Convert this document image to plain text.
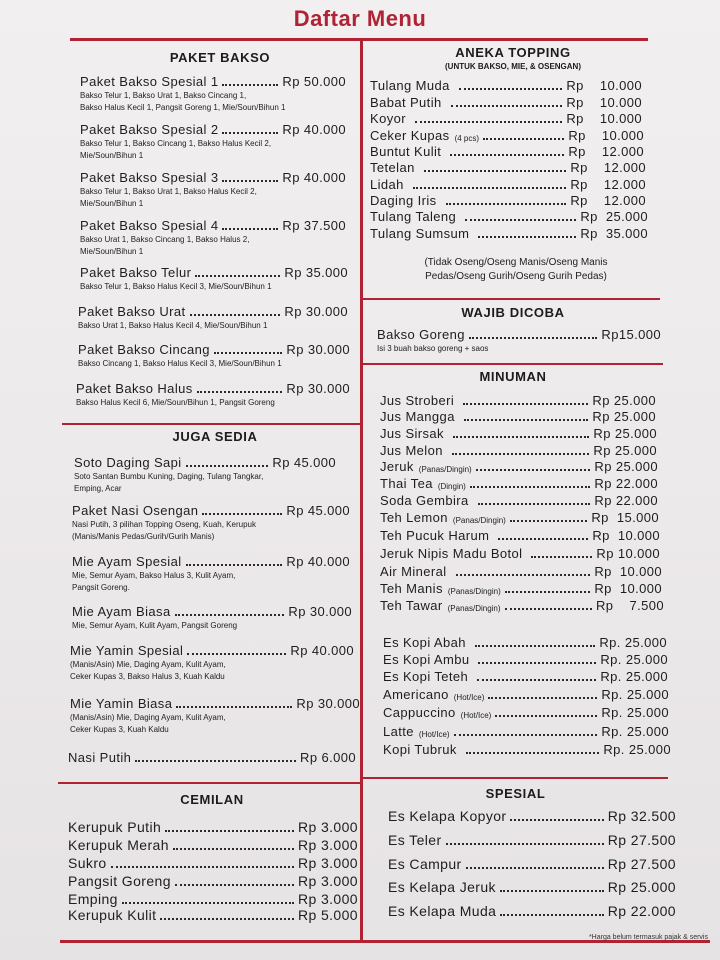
Daftar Menu
*Harga belum termasuk pajak & servis
PAKET BAKSO
JUGA SEDIA
CEMILAN
ANEKA TOPPING
(UNTUK BAKSO, MIE, & OSENGAN)
WAJIB DICOBA
MINUMAN
SPESIAL
Paket Bakso Spesial 1	Rp 50.000
Bakso Telur 1, Bakso Urat 1, Bakso Cincang 1,
Bakso Halus Kecil 1, Pangsit Goreng 1, Mie/Soun/Bihun 1
Paket Bakso Spesial 2	Rp 40.000
Bakso Telur 1, Bakso Cincang 1, Bakso Halus Kecil 2,
Mie/Soun/Bihun 1
Paket Bakso Spesial 3	Rp 40.000
Bakso Telur 1, Bakso Urat 1, Bakso Halus Kecil 2,
Mie/Soun/Bihun 1
Paket Bakso Spesial 4	Rp 37.500
Bakso Urat 1, Bakso Cincang 1, Bakso Halus 2,
Mie/Soun/Bihun 1
Paket Bakso Telur	Rp 35.000
Bakso Telur 1, Bakso Halus Kecil 3, Mie/Soun/Bihun 1
Paket Bakso Urat	Rp 30.000
Bakso Urat 1, Bakso Halus Kecil 4, Mie/Soun/Bihun 1
Paket Bakso Cincang	Rp 30.000
Bakso Cincang 1, Bakso Halus Kecil 3, Mie/Soun/Bihun 1
Paket Bakso Halus	Rp 30.000
Bakso Halus Kecil 6, Mie/Soun/Bihun 1, Pangsit Goreng
Soto Daging Sapi	Rp 45.000
Soto Santan Bumbu Kuning, Daging, Tulang Tangkar,
Emping, Acar
Paket Nasi Osengan	Rp 45.000
Nasi Putih, 3 pilihan Topping Oseng, Kuah, Kerupuk
(Manis/Manis Pedas/Gurih/Gurih Manis)
Mie Ayam Spesial	Rp 40.000
Mie, Semur Ayam, Bakso Halus 3, Kulit Ayam,
Pangsit Goreng.
Mie Ayam Biasa	Rp 30.000
Mie, Semur Ayam, Kulit Ayam, Pangsit Goreng
Mie Yamin Spesial	Rp 40.000
(Manis/Asin) Mie, Daging Ayam, Kulit Ayam,
Ceker Kupas 3, Bakso Halus 3, Kuah Kaldu
Mie Yamin Biasa	Rp 30.000
(Manis/Asin) Mie, Daging Ayam, Kulit Ayam,
Ceker Kupas 3, Kuah Kaldu
Nasi Putih	Rp 6.000
Kerupuk Putih	Rp 3.000
Kerupuk Merah	Rp 3.000
Sukro	Rp 3.000
Pangsit Goreng	Rp 3.000
Emping	Rp 3.000
Kerupuk Kulit	Rp 5.000
Tulang Muda	Rp    10.000
Babat Putih	Rp    10.000
Koyor	Rp    10.000
Ceker Kupas (4 pcs)	Rp    10.000
Buntut Kulit	Rp    12.000
Tetelan	Rp    12.000
Lidah	Rp    12.000
Daging Iris	Rp    12.000
Tulang Taleng	Rp  25.000
Tulang Sumsum	Rp  35.000
(Tidak Oseng/Oseng Manis/Oseng Manis
Pedas/Oseng Gurih/Oseng Gurih Pedas)
Bakso Goreng	Rp15.000
Isi 3 buah bakso goreng + saos
Jus Stroberi	Rp 25.000
Jus Mangga	Rp 25.000
Jus Sirsak	Rp 25.000
Jus Melon	Rp 25.000
Jeruk (Panas/Dingin)	Rp 25.000
Thai Tea (Dingin)	Rp 22.000
Soda Gembira	Rp 22.000
Teh Lemon (Panas/Dingin)	Rp  15.000
Teh Pucuk Harum	Rp  10.000
Jeruk Nipis Madu Botol	Rp 10.000
Air Mineral	Rp  10.000
Teh Manis (Panas/Dingin)	Rp  10.000
Teh Tawar (Panas/Dingin)	Rp    7.500
Es Kopi Abah	Rp. 25.000
Es Kopi Ambu	Rp. 25.000
Es Kopi Teteh	Rp. 25.000
Americano (Hot/Ice)	Rp. 25.000
Cappuccino (Hot/Ice)	Rp. 25.000
Latte (Hot/Ice)	Rp. 25.000
Kopi Tubruk	Rp. 25.000
Es Kelapa Kopyor	Rp 32.500
Es Teler	Rp 27.500
Es Campur	Rp 27.500
Es Kelapa Jeruk	Rp 25.000
Es Kelapa Muda	Rp 22.000
